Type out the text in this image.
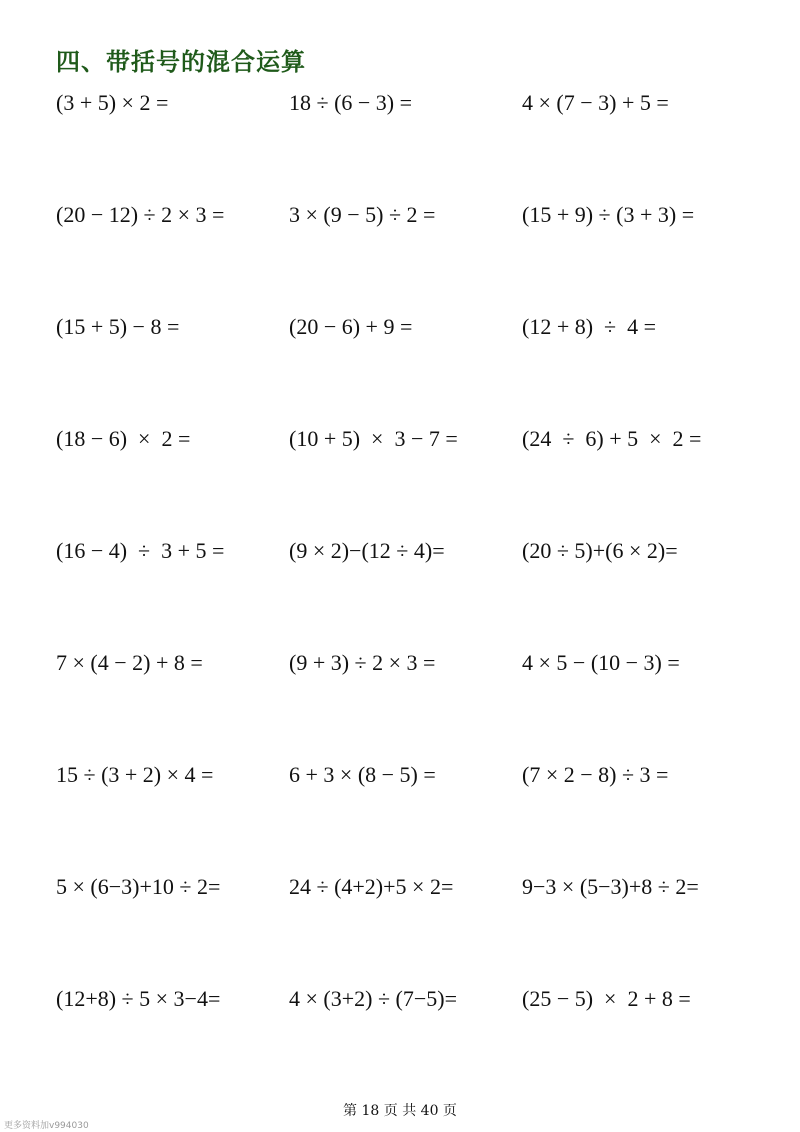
四、带括号的混合运算
(3 + 5) × 2 =	18 ÷ (6 − 3) =	4 × (7 − 3) + 5 =
(20 − 12) ÷ 2 × 3 =	3 × (9 − 5) ÷ 2 =	(15 + 9) ÷ (3 + 3) =
(15 + 5) − 8 =	(20 − 6) + 9 =	(12 + 8)  ÷  4 =
(18 − 6)  ×  2 =	(10 + 5)  ×  3 − 7 =	(24  ÷  6) + 5  ×  2 =
(16 − 4)  ÷  3 + 5 =	(9 × 2)−(12 ÷ 4)=	(20 ÷ 5)+(6 × 2)=
7 × (4 − 2) + 8 =	(9 + 3) ÷ 2 × 3 =	4 × 5 − (10 − 3) =
15 ÷ (3 + 2) × 4 =	6 + 3 × (8 − 5) =	(7 × 2 − 8) ÷ 3 =
5 × (6−3)+10 ÷ 2=	24 ÷ (4+2)+5 × 2=	9−3 × (5−3)+8 ÷ 2=
(12+8) ÷ 5 × 3−4=	4 × (3+2) ÷ (7−5)=	(25 − 5)  ×  2 + 8 =
第 18 页 共 40 页
更多资料加v994030
